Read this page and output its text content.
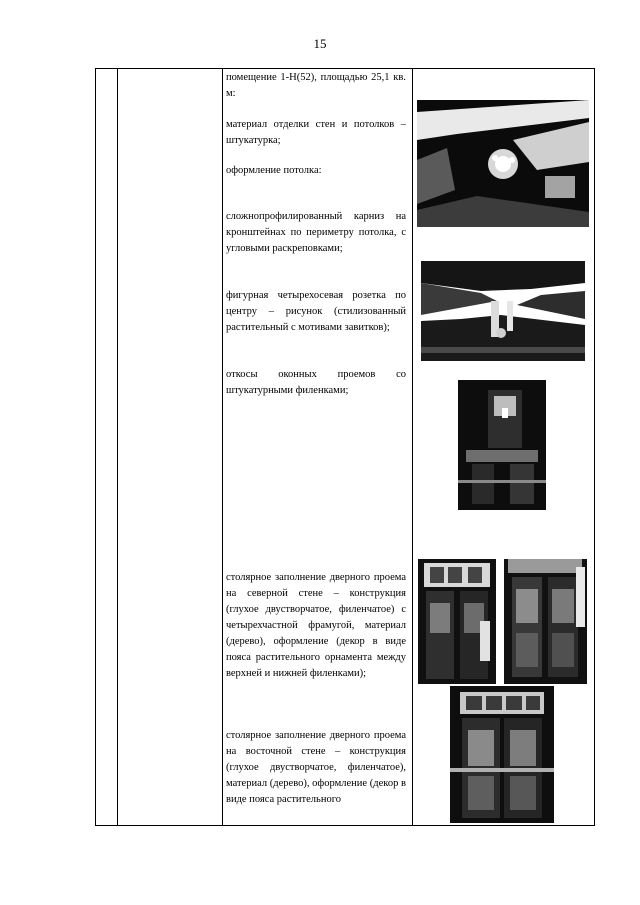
15

помещение 1-Н(52), площадью 25,1 кв. м:

материал отделки стен и потолков – штукатурка;

оформление потолка:

сложнопрофилированный карниз на кронштейнах по периметру потолка, с угловыми раскреповками;

фигурная четырехосевая розетка по центру – рисунок (стилизованный растительный с мотивами завитков);

откосы оконных проемов со штукатурными филенками;

столярное заполнение дверного проема на северной стене – конструкция (глухое двустворчатое, филенчатое) с четырехчастной фрамугой, материал (дерево), оформление (декор в виде пояса растительного орнамента между верхней и нижней филенками);

столярное заполнение дверного проема на восточной стене – конструкция (глухое двустворчатое, филенчатое), материал (дерево), оформление (декор в виде пояса растительного
